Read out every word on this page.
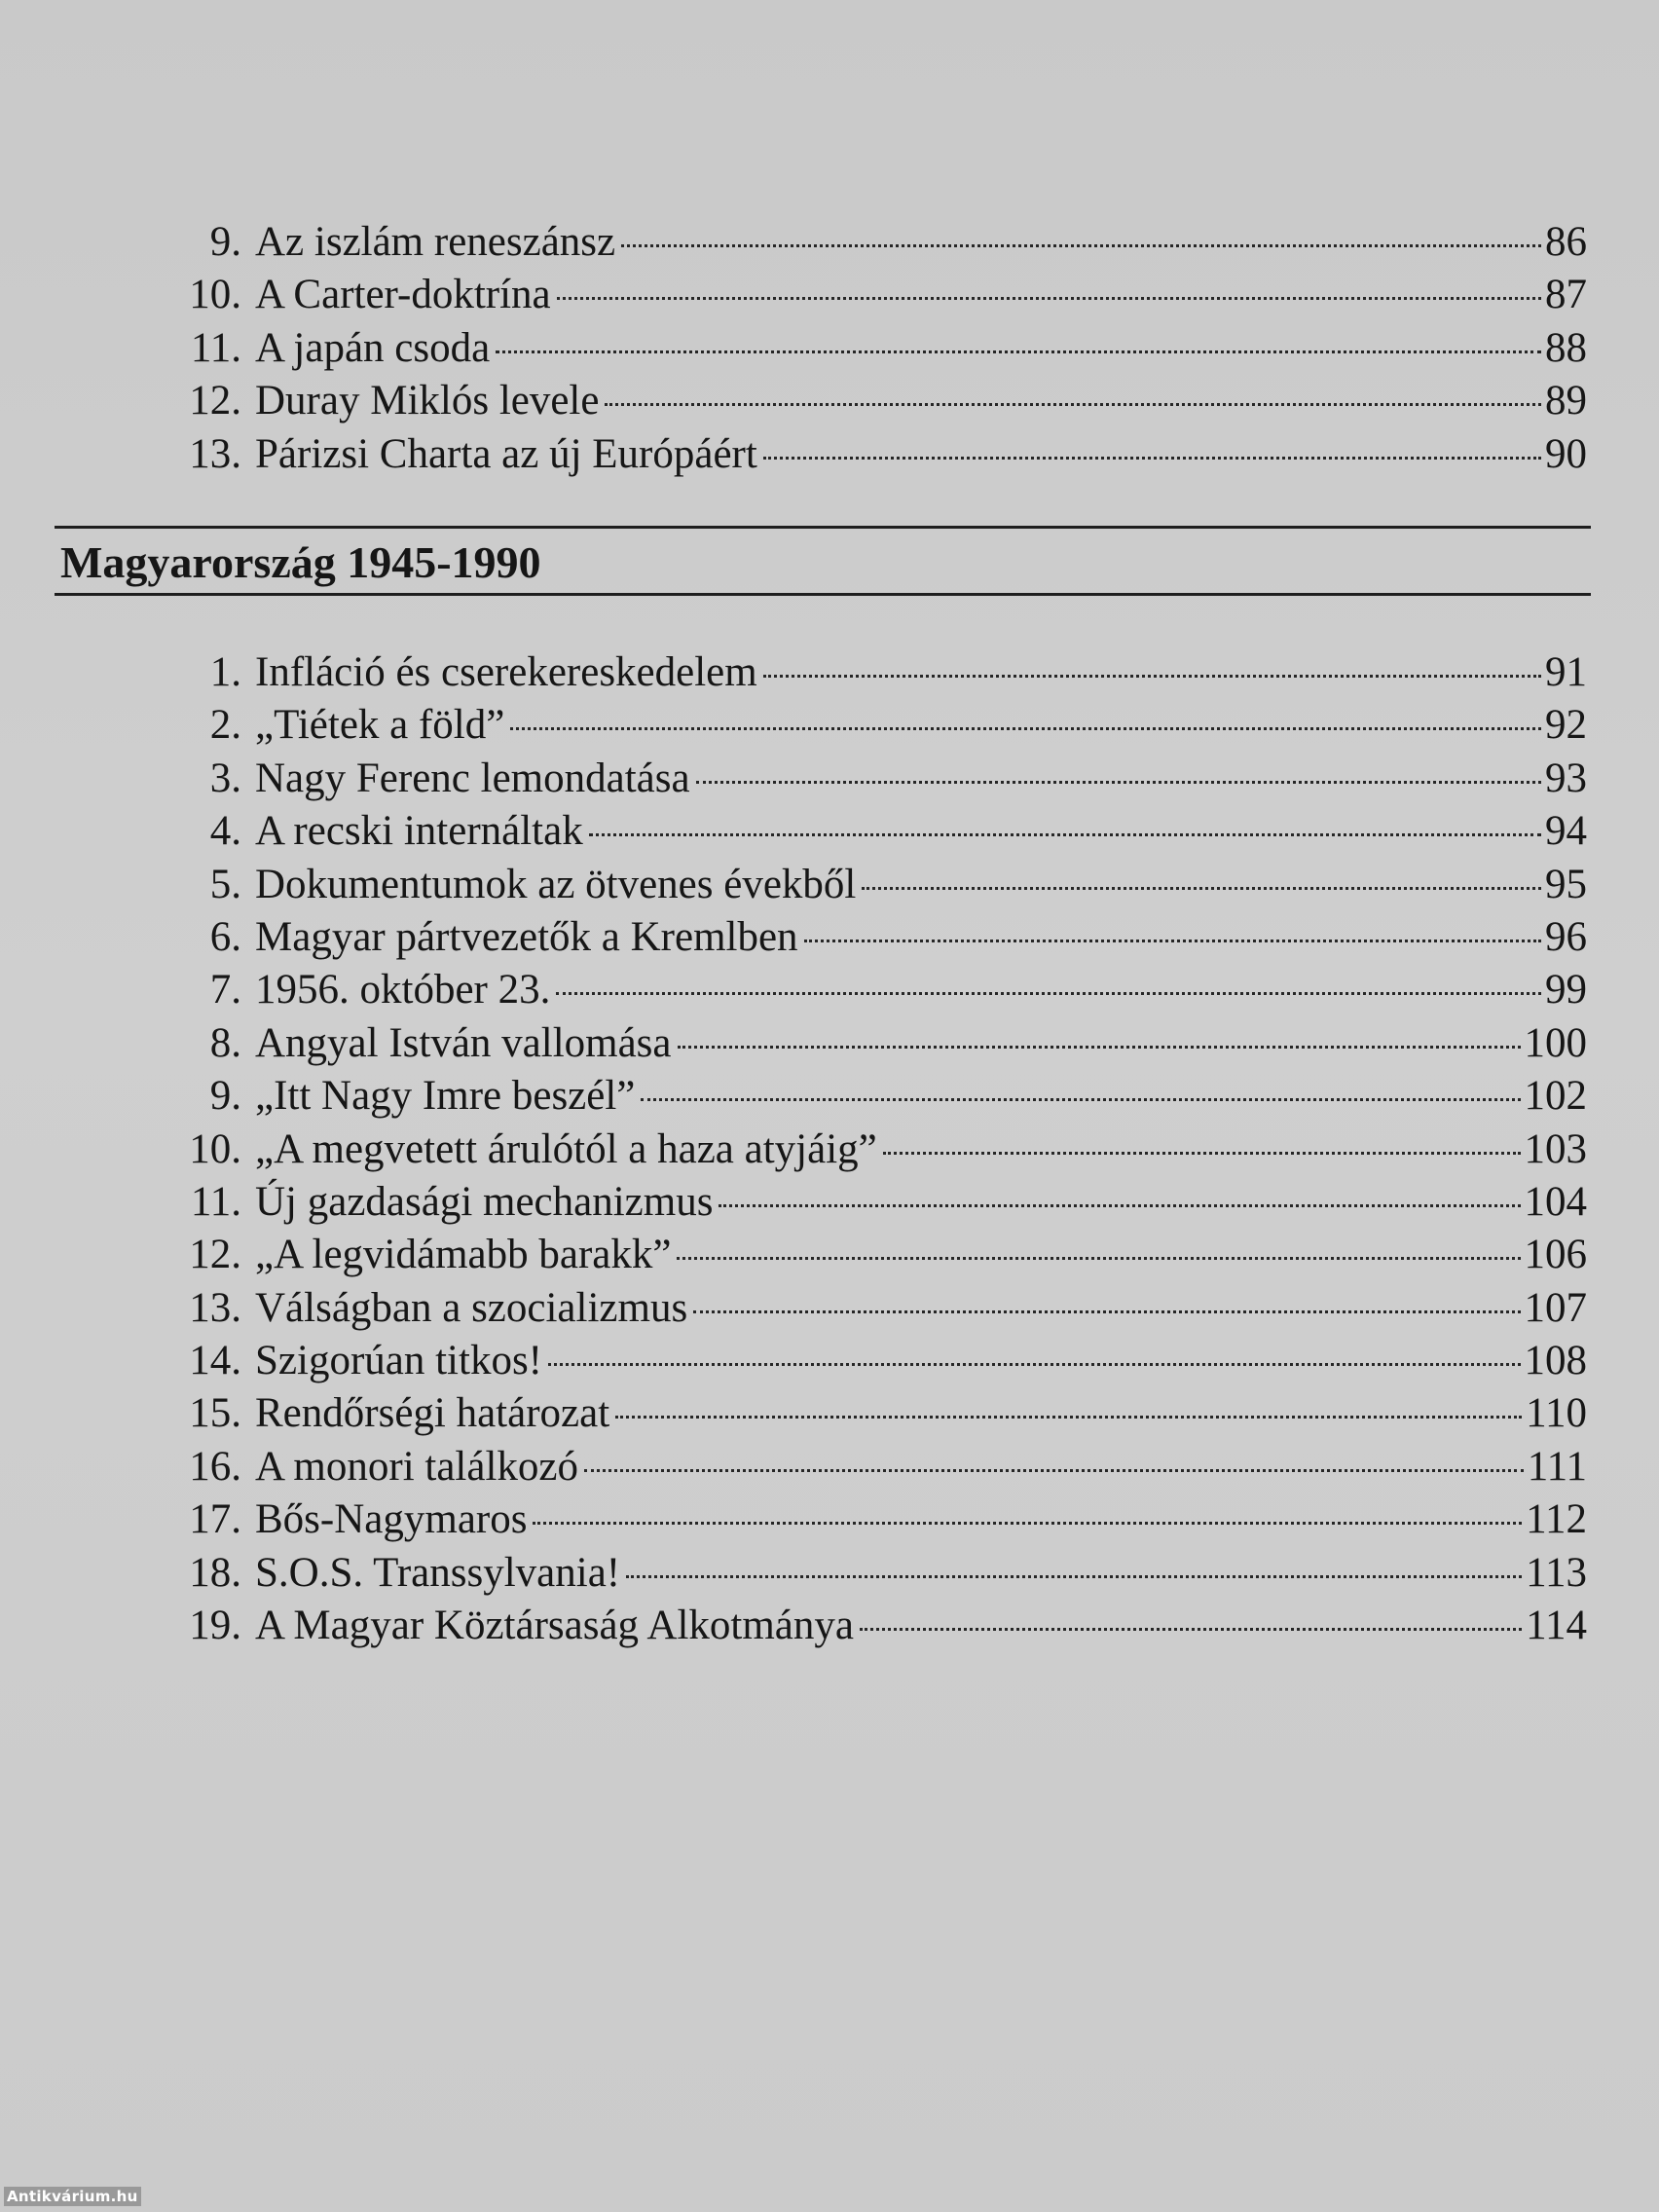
9. Az iszlám reneszánsz	86
10. A Carter-doktrína	87
11. A japán csoda	88
12. Duray Miklós levele	89
13. Párizsi Charta az új Európáért	90
Magyarország 1945-1990
1. Infláció és cserekereskedelem	91
2. „Tiétek a föld”	92
3. Nagy Ferenc lemondatása	93
4. A recski internáltak	94
5. Dokumentumok az ötvenes évekből	95
6. Magyar pártvezetők a Kremlben	96
7. 1956. október 23.	99
8. Angyal István vallomása	100
9. „Itt Nagy Imre beszél”	102
10. „A megvetett árulótól a haza atyjáig”	103
11. Új gazdasági mechanizmus	104
12. „A legvidámabb barakk”	106
13. Válságban a szocializmus	107
14. Szigorúan titkos!	108
15. Rendőrségi határozat	110
16. A monori találkozó	111
17. Bős-Nagymaros	112
18. S.O.S. Transsylvania!	113
19. A Magyar Köztársaság Alkotmánya	114
Antikvárium.hu
